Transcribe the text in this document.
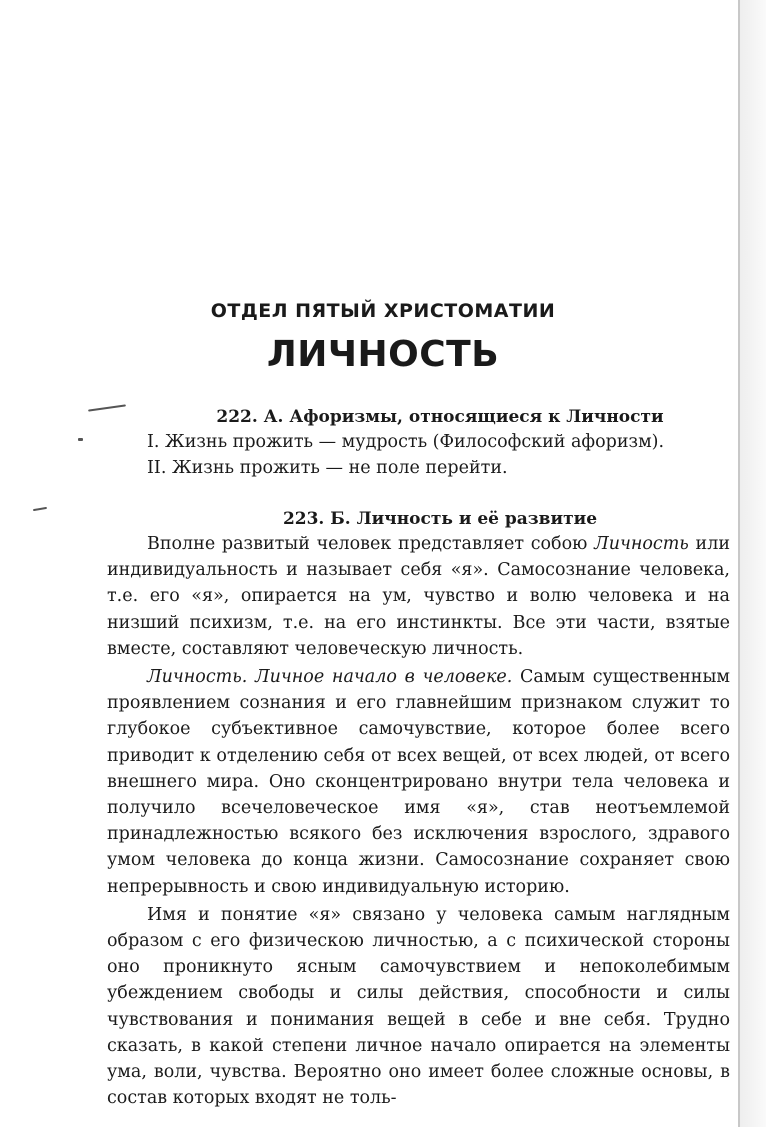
ОТДЕЛ ПЯТЫЙ ХРИСТОМАТИИ
ЛИЧНОСТЬ
222. А. Афоризмы, относящиеся к Личности
I. Жизнь прожить — мудрость (Философский афоризм).
II. Жизнь прожить — не поле перейти.
223. Б. Личность и её развитие

Вполне развитый человек представляет собою Личность или индивидуальность и называет себя «я». Самосознание человека, т.е. его «я», опирается на ум, чувство и волю человека и на низший психизм, т.е. на его инстинкты. Все эти части, взятые вместе, составляют человеческую личность.

Личность. Личное начало в человеке. Самым существенным проявлением сознания и его главнейшим признаком служит то глубокое субъективное самочувствие, которое более всего приводит к отделению себя от всех вещей, от всех людей, от всего внешнего мира. Оно сконцентрировано внутри тела человека и получило всечеловеческое имя «я», став неотъемлемой принадлежностью всякого без исключения взрослого, здравого умом человека до конца жизни. Самосознание сохраняет свою непрерывность и свою индивидуальную историю.

Имя и понятие «я» связано у человека самым наглядным образом с его физическою личностью, а с психической стороны оно проникнуто ясным самочувствием и непоколебимым убеждением свободы и силы действия, способности и силы чувствования и понимания вещей в себе и вне себя. Трудно сказать, в какой степени личное начало опирается на элементы ума, воли, чувства. Вероятно оно имеет более сложные основы, в состав которых входят не толь-
